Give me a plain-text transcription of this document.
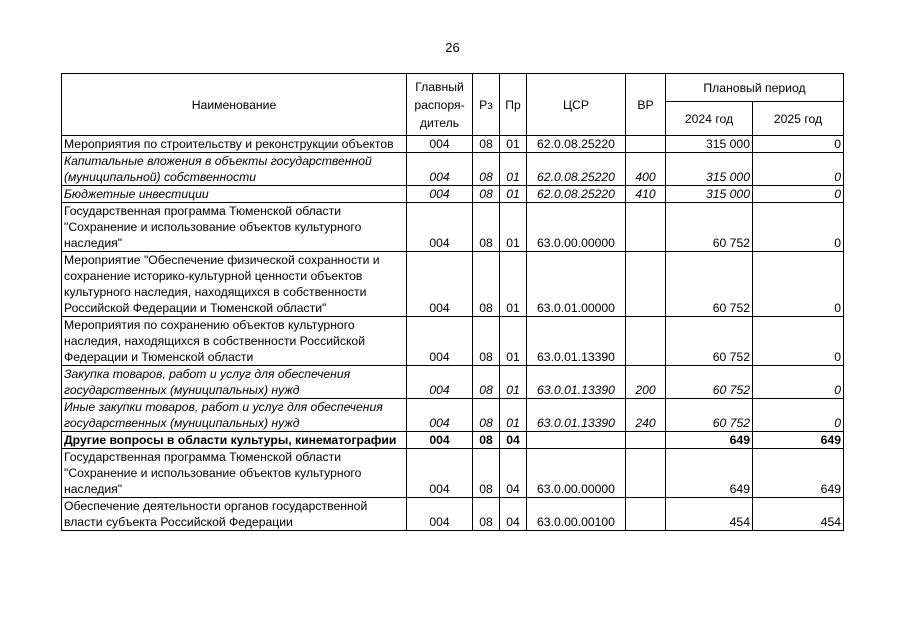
26
Наименование	Главный распоря-дитель	Рз	Пр	ЦСР	ВР	Плановый период	
						2024 год	2025 год
Мероприятия по строительству и реконструкции объектов	004	08	01	62.0.08.25220		315 000	0
Капитальные вложения в объекты государственной (муниципальной) собственности	004	08	01	62.0.08.25220	400	315 000	0
Бюджетные инвестиции	004	08	01	62.0.08.25220	410	315 000	0
Государственная программа Тюменской области "Сохранение и использование объектов культурного наследия"	004	08	01	63.0.00.00000		60 752	0
Мероприятие "Обеспечение физической сохранности и сохранение историко-культурной ценности объектов культурного наследия, находящихся в собственности Российской Федерации и Тюменской области"	004	08	01	63.0.01.00000		60 752	0
Мероприятия по сохранению объектов культурного наследия, находящихся в собственности Российской Федерации и Тюменской области	004	08	01	63.0.01.13390		60 752	0
Закупка товаров, работ и услуг для обеспечения государственных (муниципальных) нужд	004	08	01	63.0.01.13390	200	60 752	0
Иные закупки товаров, работ и услуг для обеспечения государственных (муниципальных) нужд	004	08	01	63.0.01.13390	240	60 752	0
Другие вопросы в области культуры, кинематографии	004	08	04			649	649
Государственная программа Тюменской области "Сохранение и использование объектов культурного наследия"	004	08	04	63.0.00.00000		649	649
Обеспечение деятельности органов государственной власти субъекта Российской Федерации	004	08	04	63.0.00.00100		454	454
